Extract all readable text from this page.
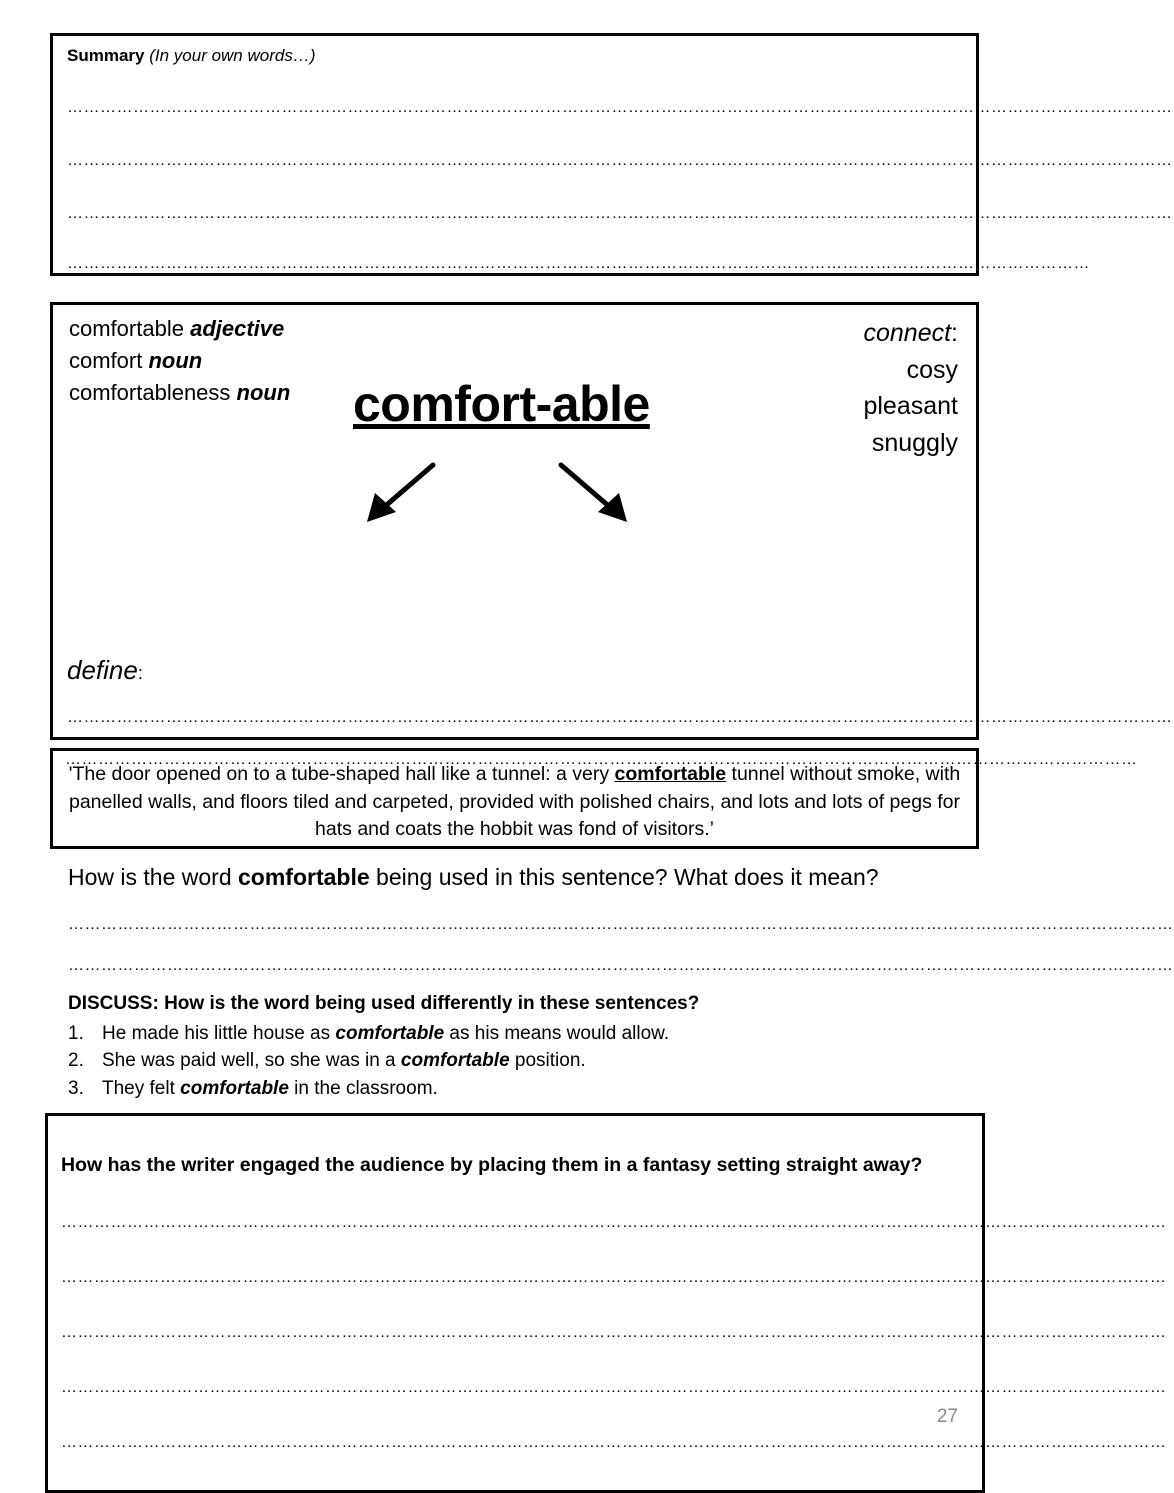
Summary (In your own words…)
…………………………………………………………………………………………………………………………………………………………………………………
…………………………………………………………………………………………………………………………………………………………………………………
…………………………………………………………………………………………………………………………………………………………………………………
……………………………………………………………………………………………………………………………………………………………………
comfortable adjective
comfort noun
comfortableness noun comfort-able
connect:
cosy
pleasant
snuggly
define:
…………………………………………………………………………………………………………………………………………………………………………………
……………………………………………………………………………………………………………………………………………………………………………
'The door opened on to a tube-shaped hall like a tunnel: a very comfortable tunnel without smoke, with panelled walls, and floors tiled and carpeted, provided with polished chairs, and lots and lots of pegs for hats and coats the hobbit was fond of visitors.’
How is the word comfortable being used in this sentence? What does it mean?
…………………………………………………………………………………………………………………………………………………………………………………
…………………………………………………………………………………………………………………………………………………………………………………
DISCUSS: How is the word being used differently in these sentences?
1. He made his little house as comfortable as his means would allow.
2. She was paid well, so she was in a comfortable position.
3. They felt comfortable in the classroom.
How has the writer engaged the audience by placing them in a fantasy setting straight away?
…………………………………………………………………………………………………………………………………………………………………………………
…………………………………………………………………………………………………………………………………………………………………………………
…………………………………………………………………………………………………………………………………………………………………………………
…………………………………………………………………………………………………………………………………………………………………………………
…………………………………………………………………………………………………………………………………………………………………………………
27
